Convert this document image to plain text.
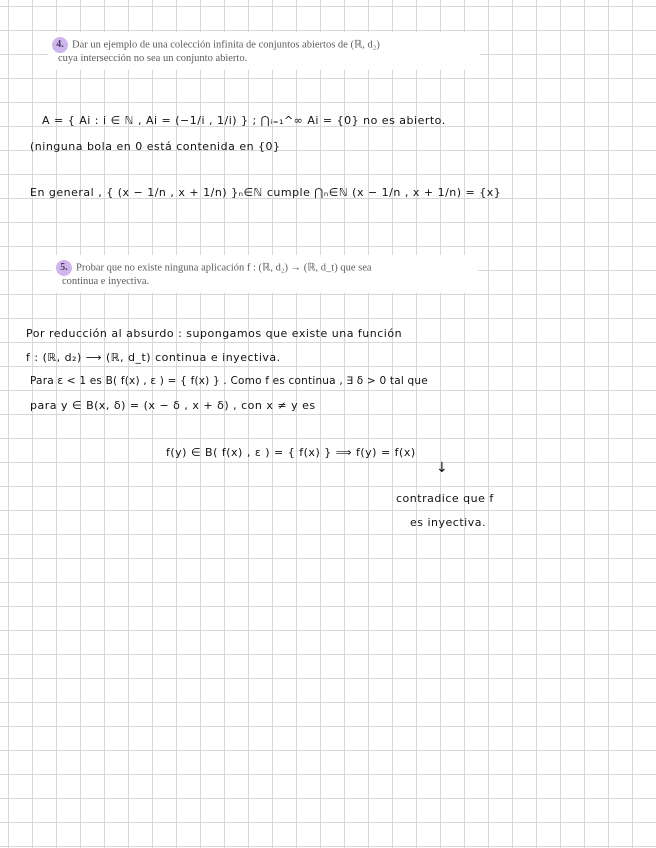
4. Dar un ejemplo de una colección infinita de conjuntos abiertos de (ℝ, d₂)
cuya intersección no sea un conjunto abierto.
A = { Ai : i ∈ ℕ , Ai = (−1/i , 1/i) } ; ⋂ᵢ₌₁^∞ Ai = {0} no es abierto.
(ninguna bola en 0 está contenida en {0}
En general , { (x − 1/n , x + 1/n) }ₙ∈ℕ cumple ⋂ₙ∈ℕ (x − 1/n , x + 1/n) = {x}
5. Probar que no existe ninguna aplicación f : (ℝ, d₂) → (ℝ, d_t) que sea
continua e inyectiva.
Por reducción al absurdo : supongamos que existe una función
f : (ℝ, d₂) ⟶ (ℝ, d_t) continua e inyectiva.
Para ε < 1 es B( f(x) , ε ) = { f(x) } . Como f es continua , ∃ δ > 0 tal que
para y ∈ B(x, δ) = (x − δ , x + δ) , con x ≠ y es
f(y) ∈ B( f(x) , ε ) = { f(x) } ⟹ f(y) = f(x)
↓
contradice que f
es inyectiva.
